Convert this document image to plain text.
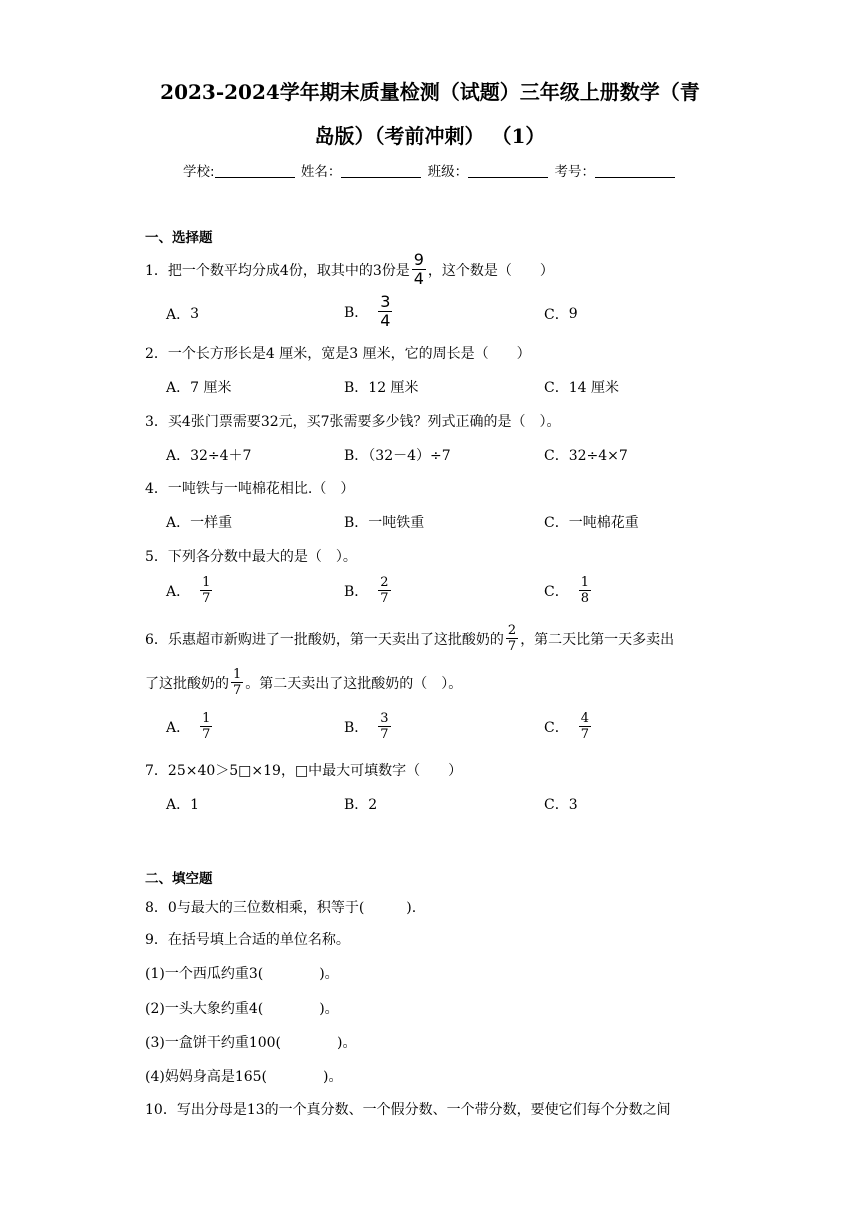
2023-2024学年期末质量检测（试题）三年级上册数学（青
岛版）（考前冲刺） （1）
学校:	姓名：	班级：	考号：
一、选择题
1．把一个数平均分成4份，取其中的3份是 $\frac{9}{4}$ ，这个数是（　　）
A． 3	B． $\frac{3}{4}$	C． 9
2．一个长方形长是4 厘米，宽是3 厘米，它的周长是（　　）
A．7 厘米	B．12 厘米	C．14 厘米
3．买4张门票需要32元，买7张需要多少钱？列式正确的是（　）。
A．32÷4＋7	B．（32－4）÷7	C．32÷4×7
4．一吨铁与一吨棉花相比.（　）
A．一样重	B．一吨铁重	C．一吨棉花重
5．下列各分数中最大的是（　）。
A． $\frac{1}{7}$	B． $\frac{2}{7}$	C． $\frac{1}{8}$
6．乐惠超市新购进了一批酸奶，第一天卖出了这批酸奶的 $\frac{2}{7}$ ，第二天比第一天多卖出
了这批酸奶的 $\frac{1}{7}$ 。第二天卖出了这批酸奶的（　）。
A． $\frac{1}{7}$	B． $\frac{3}{7}$	C． $\frac{4}{7}$
7．25×40＞5□×19，□中最大可填数字（　　）
A．1	B．2	C．3
二、填空题
8．0与最大的三位数相乘，积等于(　　　).
9．在括号填上合适的单位名称。
(1)一个西瓜约重3(　　　　)。
(2)一头大象约重4(　　　　)。
(3)一盒饼干约重100(　　　　)。
(4)妈妈身高是165(　　　　)。
10．写出分母是13的一个真分数、一个假分数、一个带分数，要使它们每个分数之间
